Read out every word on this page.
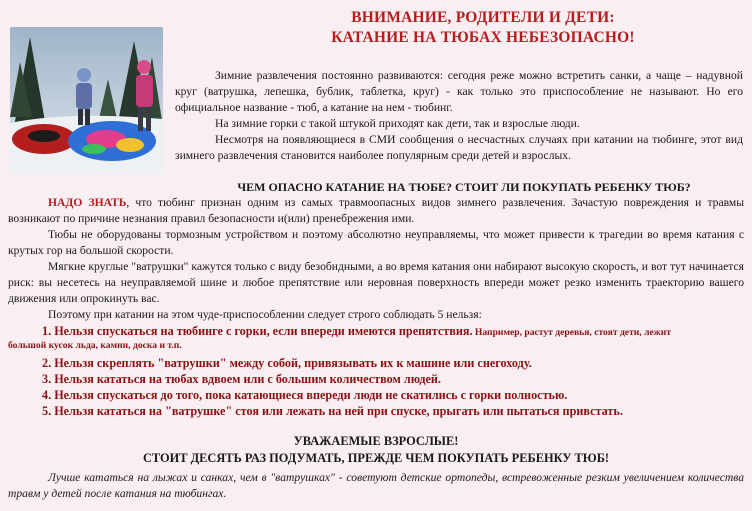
ВНИМАНИЕ, РОДИТЕЛИ И ДЕТИ:
КАТАНИЕ НА ТЮБАХ НЕБЕЗОПАСНО!
Зимние развлечения постоянно развиваются: сегодня реже можно встретить санки, а чаще – надувной круг (ватрушка, лепешка, бублик, таблетка, круг) - как только это приспособление не называют. Но его официальное название - тюб, а катание на нем - тюбинг.
На зимние горки с такой штукой приходят как дети, так и взрослые люди.
Несмотря на появляющиеся в СМИ сообщения о несчастных случаях при катании на тюбинге, этот вид зимнего развлечения становится наиболее популярным среди детей и взрослых.
ЧЕМ ОПАСНО КАТАНИЕ НА ТЮБЕ? СТОИТ ЛИ ПОКУПАТЬ РЕБЕНКУ ТЮБ?
НАДО ЗНАТЬ, что тюбинг признан одним из самых травмоопасных видов зимнего развлечения. Зачастую повреждения и травмы возникают по причине незнания правил безопасности и(или) пренебрежения ими.
Тюбы не оборудованы тормозным устройством и поэтому абсолютно неуправляемы, что может привести к трагедии во время катания с крутых гор на большой скорости.
Мягкие круглые "ватрушки" кажутся только с виду безобидными, а во время катания они набирают высокую скорость, и вот тут начинается риск: вы несетесь на неуправляемой шине и любое препятствие или неровная поверхность впереди может резко изменить траекторию вашего движения или опрокинуть вас.
Поэтому при катании на этом чуде-приспособлении следует строго соблюдать 5 нельзя:
1. Нельзя спускаться на тюбинге с горки, если впереди имеются препятствия. Например, растут деревья, стоят дети, лежит
большой кусок льда, камни, доска и т.п.
2. Нельзя скреплять "ватрушки" между собой, привязывать их к машине или снегоходу.
3. Нельзя кататься на тюбах вдвоем или с большим количеством людей.
4. Нельзя спускаться до того, пока катающиеся впереди люди не скатились с горки полностью.
5. Нельзя кататься на "ватрушке" стоя или лежать на ней при спуске, прыгать или пытаться привстать.
УВАЖАЕМЫЕ ВЗРОСЛЫЕ!
СТОИТ ДЕСЯТЬ РАЗ ПОДУМАТЬ, ПРЕЖДЕ ЧЕМ ПОКУПАТЬ РЕБЕНКУ ТЮБ!
Лучше кататься на лыжах и санках, чем в "ватрушках" - советуют детские ортопеды, встревоженные резким увеличением количества травм у детей после катания на тюбингах.
